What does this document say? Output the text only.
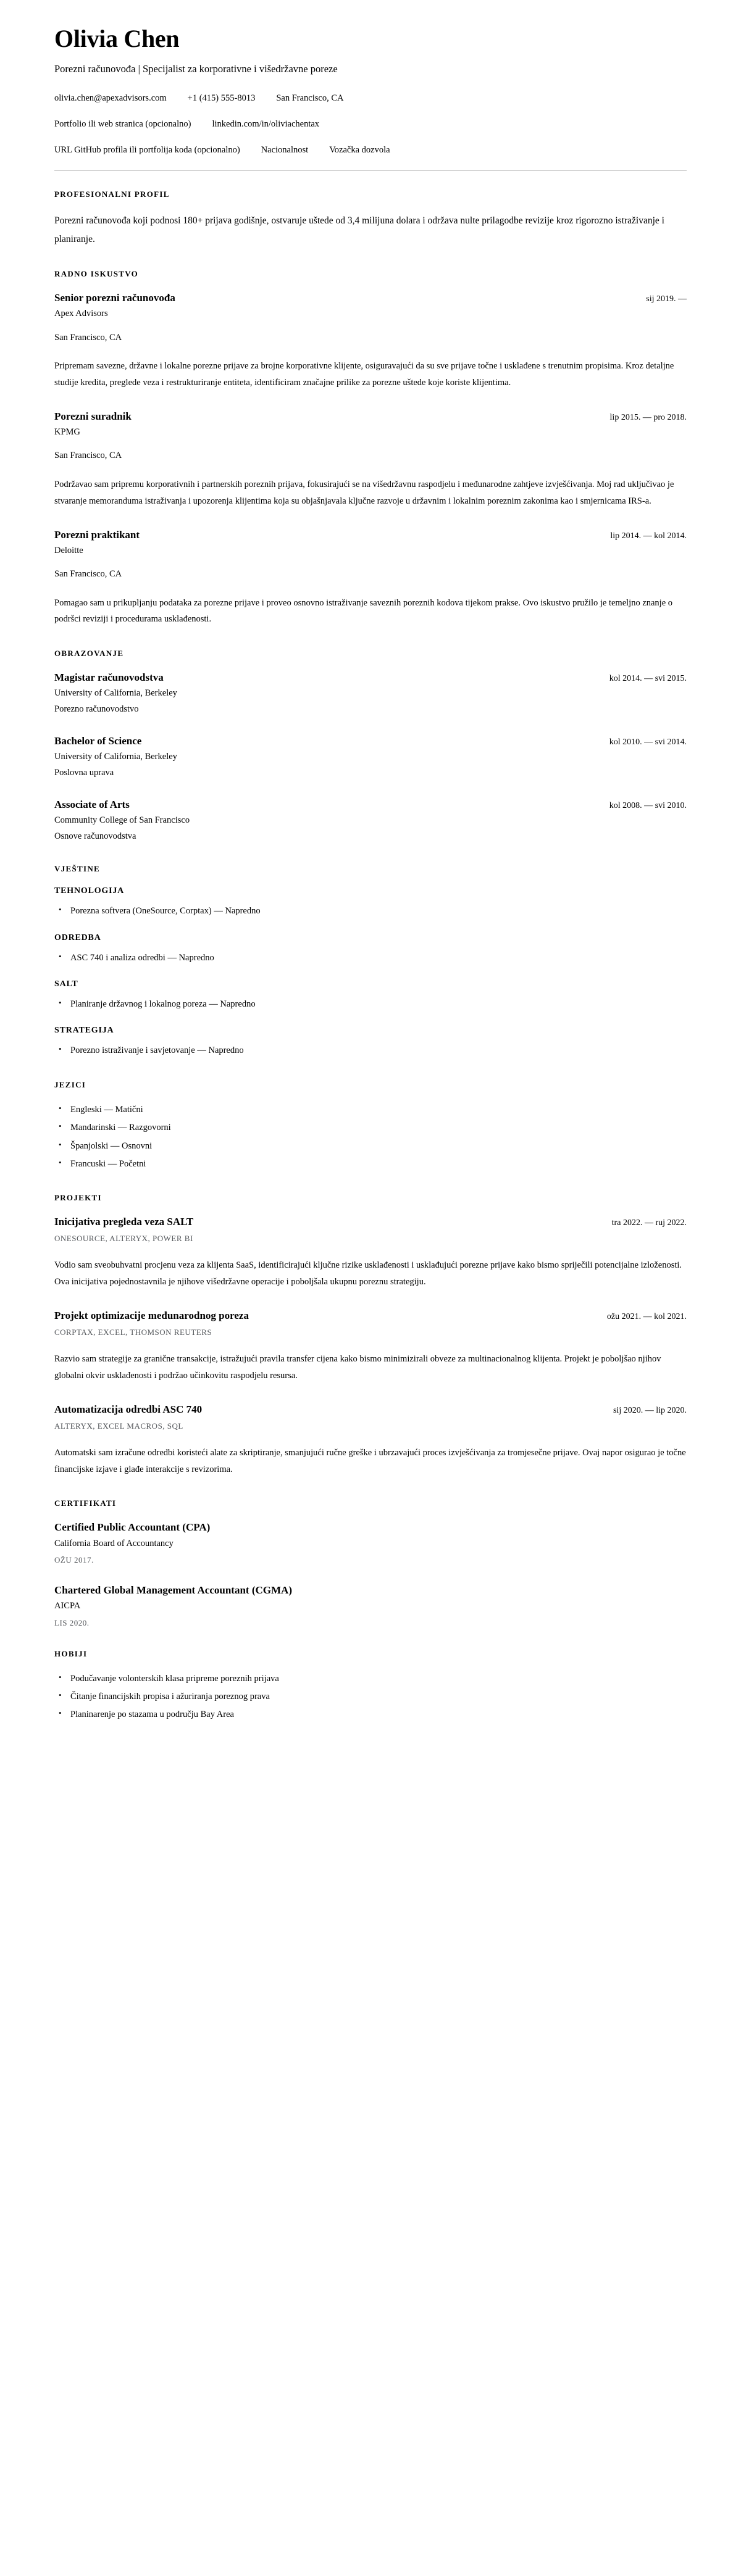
Olivia Chen
Porezni računovođa | Specijalist za korporativne i višedržavne poreze
olivia.chen@apexadvisors.com +1 (415) 555-8013 San Francisco, CA
Portfolio ili web stranica (opcionalno) linkedin.com/in/oliviachentax
URL GitHub profila ili portfolija koda (opcionalno) Nacionalnost Vozačka dozvola
PROFESIONALNI PROFIL

Porezni računovođa koji podnosi 180+ prijava godišnje, ostvaruje uštede od 3,4 milijuna dolara i održava nulte prilagodbe revizije kroz rigorozno istraživanje i planiranje.

RADNO ISKUSTVO
Senior porezni računovođa	sij 2019. —
Apex Advisors
San Francisco, CA
Pripremam savezne, državne i lokalne porezne prijave za brojne korporativne klijente, osiguravajući da su sve prijave točne i usklađene s trenutnim propisima. Kroz detaljne studije kredita, preglede veza i restrukturiranje entiteta, identificiram značajne prilike za porezne uštede koje koriste klijentima.
Porezni suradnik	lip 2015. — pro 2018.
KPMG
San Francisco, CA
Podržavao sam pripremu korporativnih i partnerskih poreznih prijava, fokusirajući se na višedržavnu raspodjelu i međunarodne zahtjeve izvješćivanja. Moj rad uključivao je stvaranje memoranduma istraživanja i upozorenja klijentima koja su objašnjavala ključne razvoje u državnim i lokalnim poreznim zakonima kao i smjernicama IRS-a.
Porezni praktikant	lip 2014. — kol 2014.
Deloitte
San Francisco, CA
Pomagao sam u prikupljanju podataka za porezne prijave i proveo osnovno istraživanje saveznih poreznih kodova tijekom prakse. Ovo iskustvo pružilo je temeljno znanje o podršci reviziji i procedurama usklađenosti.
OBRAZOVANJE
Magistar računovodstva	kol 2014. — svi 2015.
University of California, Berkeley
Porezno računovodstvo
Bachelor of Science	kol 2010. — svi 2014.
University of California, Berkeley
Poslovna uprava
Associate of Arts	kol 2008. — svi 2010.
Community College of San Francisco
Osnove računovodstva
VJEŠTINE
TEHNOLOGIJA
• Porezna softvera (OneSource, Corptax) — Napredno
ODREDBA
• ASC 740 i analiza odredbi — Napredno
SALT
• Planiranje državnog i lokalnog poreza — Napredno
STRATEGIJA
• Porezno istraživanje i savjetovanje — Napredno
JEZICI
• Engleski — Matični
• Mandarinski — Razgovorni
• Španjolski — Osnovni
• Francuski — Početni
PROJEKTI
Inicijativa pregleda veza SALT	tra 2022. — ruj 2022.
ONESOURCE, ALTERYX, POWER BI
Vodio sam sveobuhvatni procjenu veza za klijenta SaaS, identificirajući ključne rizike usklađenosti i usklađujući porezne prijave kako bismo spriječili potencijalne izloženosti. Ova inicijativa pojednostavnila je njihove višedržavne operacije i poboljšala ukupnu poreznu strategiju.
Projekt optimizacije međunarodnog poreza	ožu 2021. — kol 2021.
CORPTAX, EXCEL, THOMSON REUTERS
Razvio sam strategije za granične transakcije, istražujući pravila transfer cijena kako bismo minimizirali obveze za multinacionalnog klijenta. Projekt je poboljšao njihov globalni okvir usklađenosti i podržao učinkovitu raspodjelu resursa.
Automatizacija odredbi ASC 740	sij 2020. — lip 2020.
ALTERYX, EXCEL MACROS, SQL
Automatski sam izračune odredbi koristeći alate za skriptiranje, smanjujući ručne greške i ubrzavajući proces izvješćivanja za tromjesečne prijave. Ovaj napor osigurao je točne financijske izjave i glađe interakcije s revizorima.
CERTIFIKATI
Certified Public Accountant (CPA)
California Board of Accountancy
OŽU 2017.
Chartered Global Management Accountant (CGMA)
AICPA
LIS 2020.
HOBIJI
• Podučavanje volonterskih klasa pripreme poreznih prijava
• Čitanje financijskih propisa i ažuriranja poreznog prava
• Planinarenje po stazama u području Bay Area
